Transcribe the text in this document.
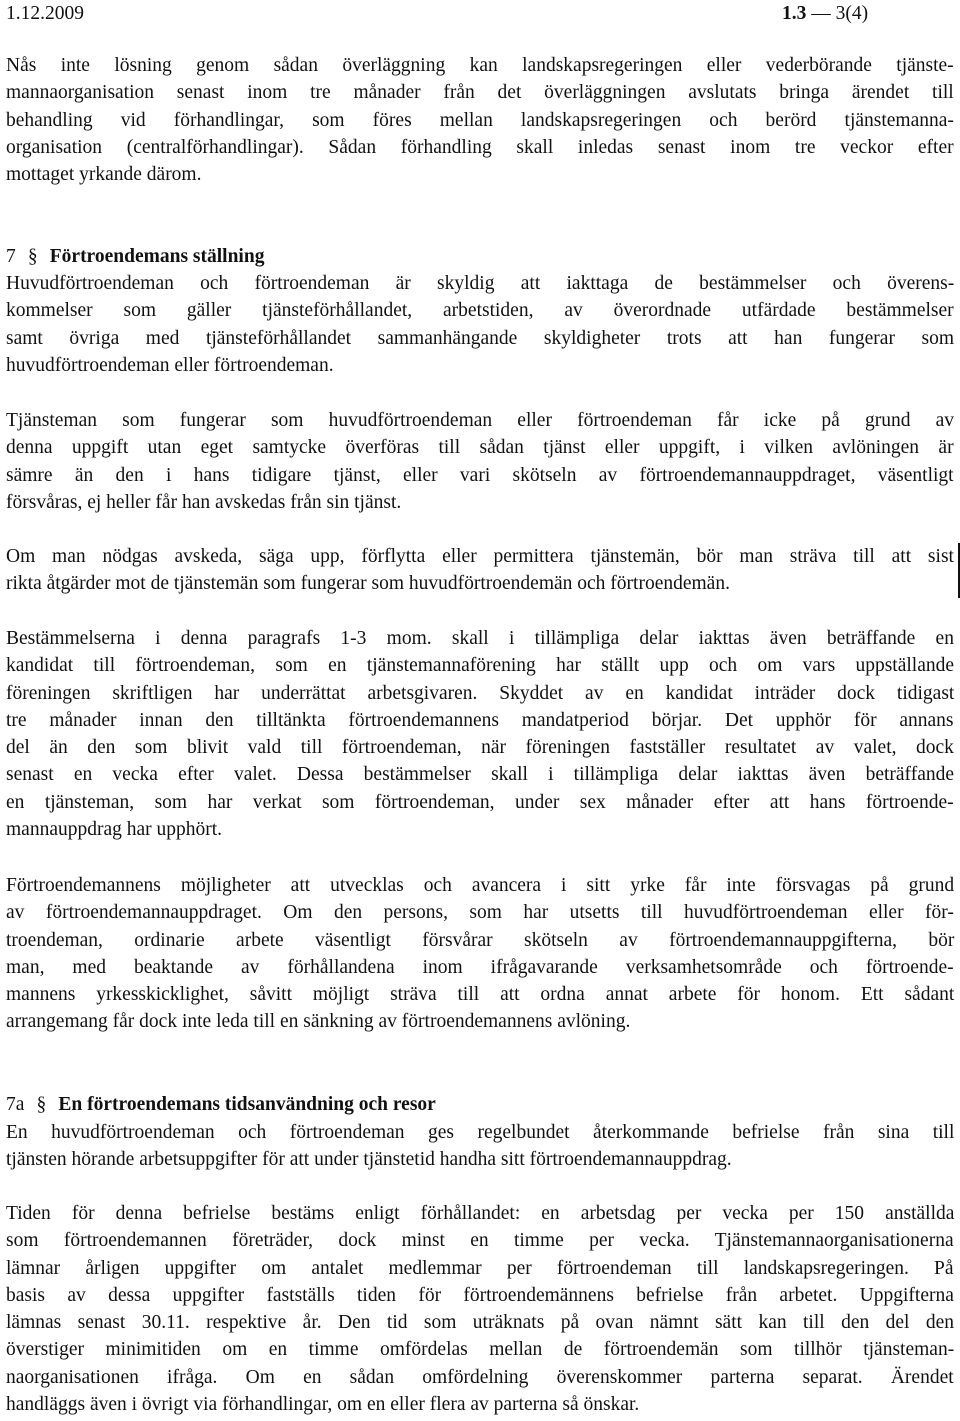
1.12.2009	1.3 — 3(4)

Nås inte lösning genom sådan överläggning kan landskapsregeringen eller vederbörande tjänste-
mannaorganisation senast inom tre månader från det överläggningen avslutats bringa ärendet till
behandling vid förhandlingar, som föres mellan landskapsregeringen och berörd tjänstemanna-
organisation (centralförhandlingar). Sådan förhandling skall inledas senast inom tre veckor efter
mottaget yrkande därom.

7 § Förtroendemans ställning

Huvudförtroendeman och förtroendeman är skyldig att iakttaga de bestämmelser och överens-
kommelser som gäller tjänsteförhållandet, arbetstiden, av överordnade utfärdade bestämmelser
samt övriga med tjänsteförhållandet sammanhängande skyldigheter trots att han fungerar som
huvudförtroendeman eller förtroendeman.

Tjänsteman som fungerar som huvudförtroendeman eller förtroendeman får icke på grund av
denna uppgift utan eget samtycke överföras till sådan tjänst eller uppgift, i vilken avlöningen är
sämre än den i hans tidigare tjänst, eller vari skötseln av förtroendemannauppdraget, väsentligt
försvåras, ej heller får han avskedas från sin tjänst.

Om man nödgas avskeda, säga upp, förflytta eller permittera tjänstemän, bör man sträva till att sist
rikta åtgärder mot de tjänstemän som fungerar som huvudförtroendemän och förtroendemän.

Bestämmelserna i denna paragrafs 1-3 mom. skall i tillämpliga delar iakttas även beträffande en
kandidat till förtroendeman, som en tjänstemannaförening har ställt upp och om vars uppställande
föreningen skriftligen har underrättat arbetsgivaren. Skyddet av en kandidat inträder dock tidigast
tre månader innan den tilltänkta förtroendemannens mandatperiod börjar. Det upphör för annans
del än den som blivit vald till förtroendeman, när föreningen fastställer resultatet av valet, dock
senast en vecka efter valet. Dessa bestämmelser skall i tillämpliga delar iakttas även beträffande
en tjänsteman, som har verkat som förtroendeman, under sex månader efter att hans förtroende-
mannauppdrag har upphört.

Förtroendemannens möjligheter att utvecklas och avancera i sitt yrke får inte försvagas på grund
av förtroendemannauppdraget. Om den persons, som har utsetts till huvudförtroendeman eller för-
troendeman, ordinarie arbete väsentligt försvårar skötseln av förtroendemannauppgifterna, bör
man, med beaktande av förhållandena inom ifrågavarande verksamhetsområde och förtroende-
mannens yrkesskicklighet, såvitt möjligt sträva till att ordna annat arbete för honom. Ett sådant
arrangemang får dock inte leda till en sänkning av förtroendemannens avlöning.

7a § En förtroendemans tidsanvändning och resor

En huvudförtroendeman och förtroendeman ges regelbundet återkommande befrielse från sina till
tjänsten hörande arbetsuppgifter för att under tjänstetid handha sitt förtroendemannauppdrag.

Tiden för denna befrielse bestäms enligt förhållandet: en arbetsdag per vecka per 150 anställda
som förtroendemannen företräder, dock minst en timme per vecka. Tjänstemannaorganisationerna
lämnar årligen uppgifter om antalet medlemmar per förtroendeman till landskapsregeringen. På
basis av dessa uppgifter fastställs tiden för förtroendemännens befrielse från arbetet. Uppgifterna
lämnas senast 30.11. respektive år. Den tid som uträknats på ovan nämnt sätt kan till den del den
överstiger minimitiden om en timme omfördelas mellan de förtroendemän som tillhör tjänsteman-
naorganisationen ifråga. Om en sådan omfördelning överenskommer parterna separat. Ärendet
handläggs även i övrigt via förhandlingar, om en eller flera av parterna så önskar.
